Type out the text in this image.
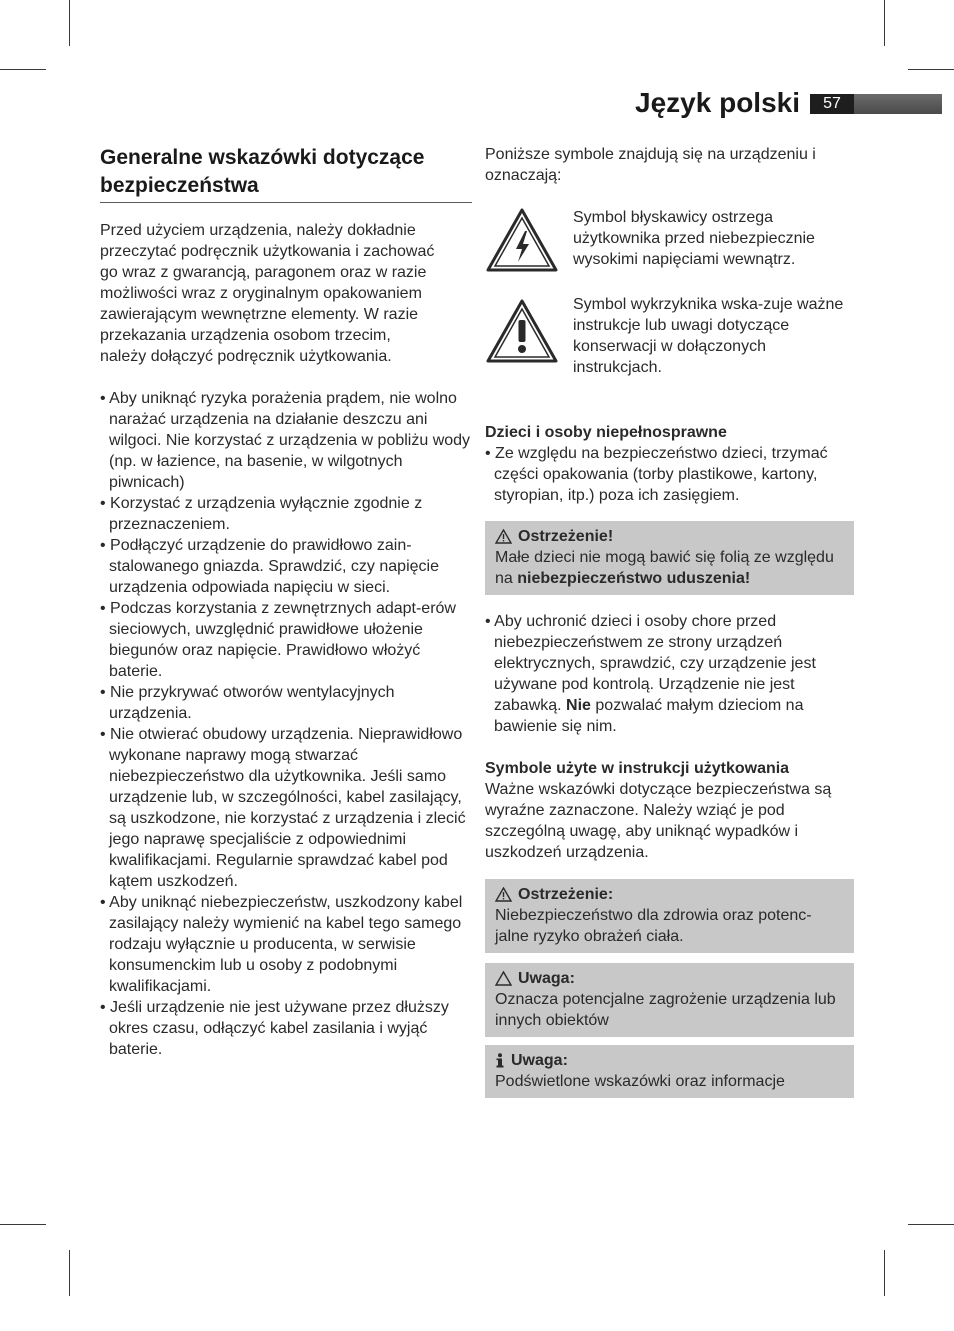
Język polski	57
Generalne wskazówki dotyczące bezpieczeństwa
Przed użyciem urządzenia, należy dokładnie
przeczytać podręcznik użytkowania i zachować
go wraz z gwarancją, paragonem oraz w razie
możliwości wraz z oryginalnym opakowaniem
zawierającym wewnętrzne elementy. W razie
przekazania urządzenia osobom trzecim,
należy dołączyć podręcznik użytkowania.
• Aby uniknąć ryzyka porażenia prądem, nie wolno narażać urządzenia na działanie deszczu ani wilgoci. Nie korzystać z urządzenia w pobliżu wody (np. w łazience, na basenie, w wilgotnych piwnicach)
• Korzystać z urządzenia wyłącznie zgodnie z przeznaczeniem.
• Podłączyć urządzenie do prawidłowo zain-stalowanego gniazda. Sprawdzić, czy napięcie urządzenia odpowiada napięciu w sieci.
• Podczas korzystania z zewnętrznych adapt-erów sieciowych, uwzględnić prawidłowe ułożenie biegunów oraz napięcie. Prawidłowo włożyć baterie.
• Nie przykrywać otworów wentylacyjnych urządzenia.
• Nie otwierać obudowy urządzenia. Nieprawidłowo wykonane naprawy mogą stwarzać niebezpieczeństwo dla użytkownika. Jeśli samo urządzenie lub, w szczególności, kabel zasilający, są uszkodzone, nie korzystać z urządzenia i zlecić jego naprawę specjaliście z odpowiednimi kwalifikacjami. Regularnie sprawdzać kabel pod kątem uszkodzeń.
• Aby uniknąć niebezpieczeństw, uszkodzony kabel zasilający należy wymienić na kabel tego samego rodzaju wyłącznie u producenta, w serwisie konsumenckim lub u osoby z podobnymi kwalifikacjami.
• Jeśli urządzenie nie jest używane przez dłuższy okres czasu, odłączyć kabel zasilania i wyjąć baterie.

Poniższe symbole znajdują się na urządzeniu i oznaczają:

Symbol błyskawicy ostrzega użytkownika przed niebezpiecznie wysokimi napięciami wewnątrz.
Symbol wykrzyknika wska-zuje ważne instrukcje lub uwagi dotyczące konserwacji w dołączonych instrukcjach.

Dzieci i osoby niepełnosprawne

• Ze względu na bezpieczeństwo dzieci, trzymać części opakowania (torby plastikowe, kartony, styropian, itp.) poza ich zasięgiem.
Ostrzeżenie!
Małe dzieci nie mogą bawić się folią ze względu na niebezpieczeństwo uduszenia!
• Aby uchronić dzieci i osoby chore przed niebezpieczeństwem ze strony urządzeń elektrycznych, sprawdzić, czy urządzenie jest używane pod kontrolą. Urządzenie nie jest zabawką. Nie pozwalać małym dzieciom na bawienie się nim.

Symbole użyte w instrukcji użytkowania

Ważne wskazówki dotyczące bezpieczeństwa są wyraźne zaznaczone. Należy wziąć je pod szczególną uwagę, aby uniknąć wypadków i uszkodzeń urządzenia.

Ostrzeżenie:
Niebezpieczeństwo dla zdrowia oraz potenc-jalne ryzyko obrażeń ciała.
Uwaga:
Oznacza potencjalne zagrożenie urządzenia lub innych obiektów
Uwaga:
Podświetlone wskazówki oraz informacje
